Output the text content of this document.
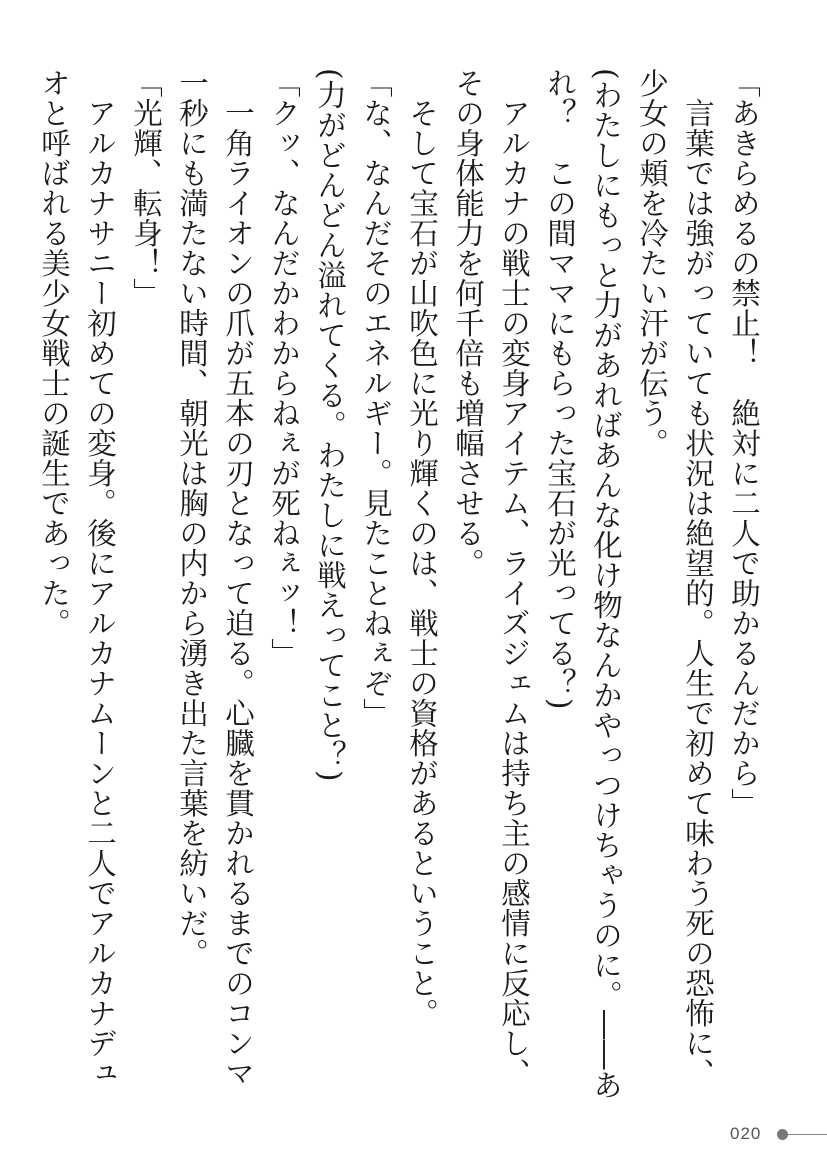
「あきらめるの禁止！　絶対に二人で助かるんだから」

　言葉では強がっていても状況は絶望的。人生で初めて味わう死の恐怖に、少女の頬を冷たい汗が伝う。

(わたしにもっと力があればあんな化け物なんかやっつけちゃうのに。――あれ？　この間ママにもらった宝石が光ってる？)

　アルカナの戦士の変身アイテム、ライズジェムは持ち主の感情に反応し、その身体能力を何千倍も増幅させる。

　そして宝石が山吹色に光り輝くのは、戦士の資格があるということ。

「な、なんだそのエネルギー。見たことねぇぞ」

(力がどんどん溢れてくる。わたしに戦えってこと？)

「クッ、なんだかわからねぇが死ねぇッ！」

　一角ライオンの爪が五本の刃となって迫る。心臓を貫かれるまでのコンマ一秒にも満たない時間、朝光は胸の内から湧き出た言葉を紡いだ。

「光輝、転身！」

　アルカナサニー初めての変身。後にアルカナムーンと二人でアルカナデュオと呼ばれる美少女戦士の誕生であった。

020
